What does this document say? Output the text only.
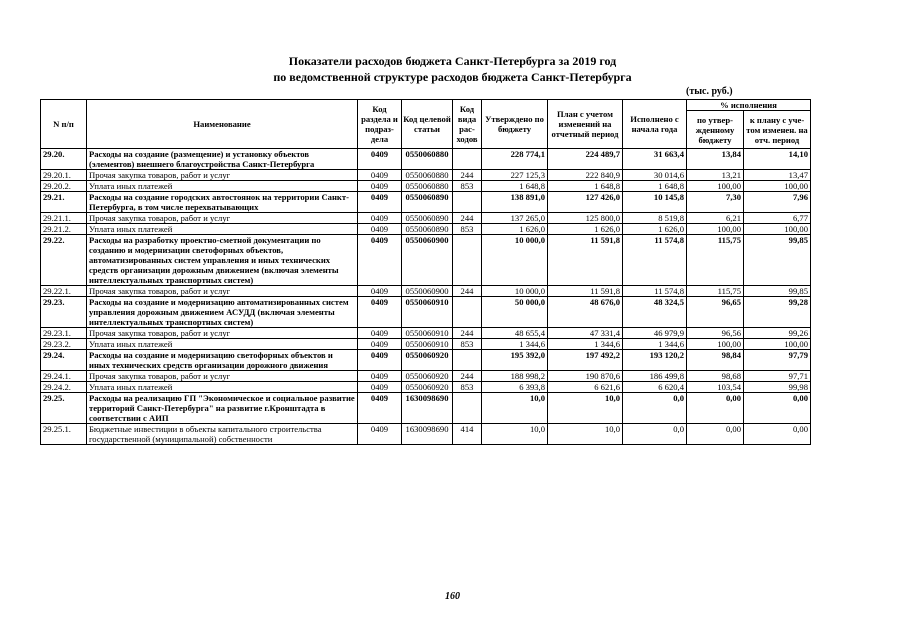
Показатели расходов бюджета Санкт-Петербурга за 2019 год
по ведомственной структуре расходов бюджета Санкт-Петербурга
(тыс. руб.)
N п/п	Наименование	Код раздела и подраз-дела	Код целевой статьи	Код вида рас-ходов	Утверждено по бюджету	План с учетом изменений на отчетный период	Исполнено с начала года	% исполнения	
								по утвер-жденному бюджету	к плану с уче-том изменен. на отч. период
29.20.	Расходы на создание (размещение) и установку объектов (элементов) внешнего благоустройства Санкт-Петербурга	0409	0550060880		228 774,1	224 489,7	31 663,4	13,84	14,10
29.20.1.	Прочая закупка товаров, работ и услуг	0409	0550060880	244	227 125,3	222 840,9	30 014,6	13,21	13,47
29.20.2.	Уплата иных платежей	0409	0550060880	853	1 648,8	1 648,8	1 648,8	100,00	100,00
29.21.	Расходы на создание городских автостоянок на территории Санкт-Петербурга, в том числе перехватывающих	0409	0550060890		138 891,0	127 426,0	10 145,8	7,30	7,96
29.21.1.	Прочая закупка товаров, работ и услуг	0409	0550060890	244	137 265,0	125 800,0	8 519,8	6,21	6,77
29.21.2.	Уплата иных платежей	0409	0550060890	853	1 626,0	1 626,0	1 626,0	100,00	100,00
29.22.	Расходы на разработку проектно-сметной документации по созданию и модернизации светофорных объектов, автоматизированных систем управления и иных технических средств организации дорожным движением (включая элементы интеллектуальных транспортных систем)	0409	0550060900		10 000,0	11 591,8	11 574,8	115,75	99,85
29.22.1.	Прочая закупка товаров, работ и услуг	0409	0550060900	244	10 000,0	11 591,8	11 574,8	115,75	99,85
29.23.	Расходы на создание и модернизацию автоматизированных систем управления дорожным движением АСУДД (включая элементы интеллектуальных транспортных систем)	0409	0550060910		50 000,0	48 676,0	48 324,5	96,65	99,28
29.23.1.	Прочая закупка товаров, работ и услуг	0409	0550060910	244	48 655,4	47 331,4	46 979,9	96,56	99,26
29.23.2.	Уплата иных платежей	0409	0550060910	853	1 344,6	1 344,6	1 344,6	100,00	100,00
29.24.	Расходы на создание и модернизацию светофорных объектов и иных технических средств организации дорожного движения	0409	0550060920		195 392,0	197 492,2	193 120,2	98,84	97,79
29.24.1.	Прочая закупка товаров, работ и услуг	0409	0550060920	244	188 998,2	190 870,6	186 499,8	98,68	97,71
29.24.2.	Уплата иных платежей	0409	0550060920	853	6 393,8	6 621,6	6 620,4	103,54	99,98
29.25.	Расходы на реализацию ГП "Экономическое и социальное развитие территорий Санкт-Петербурга" на развитие г.Кронштадта в соответствии с АИП	0409	1630098690		10,0	10,0	0,0	0,00	0,00
29.25.1.	Бюджетные инвестиции в объекты капитального строительства государственной (муниципальной) собственности	0409	1630098690	414	10,0	10,0	0,0	0,00	0,00
160
